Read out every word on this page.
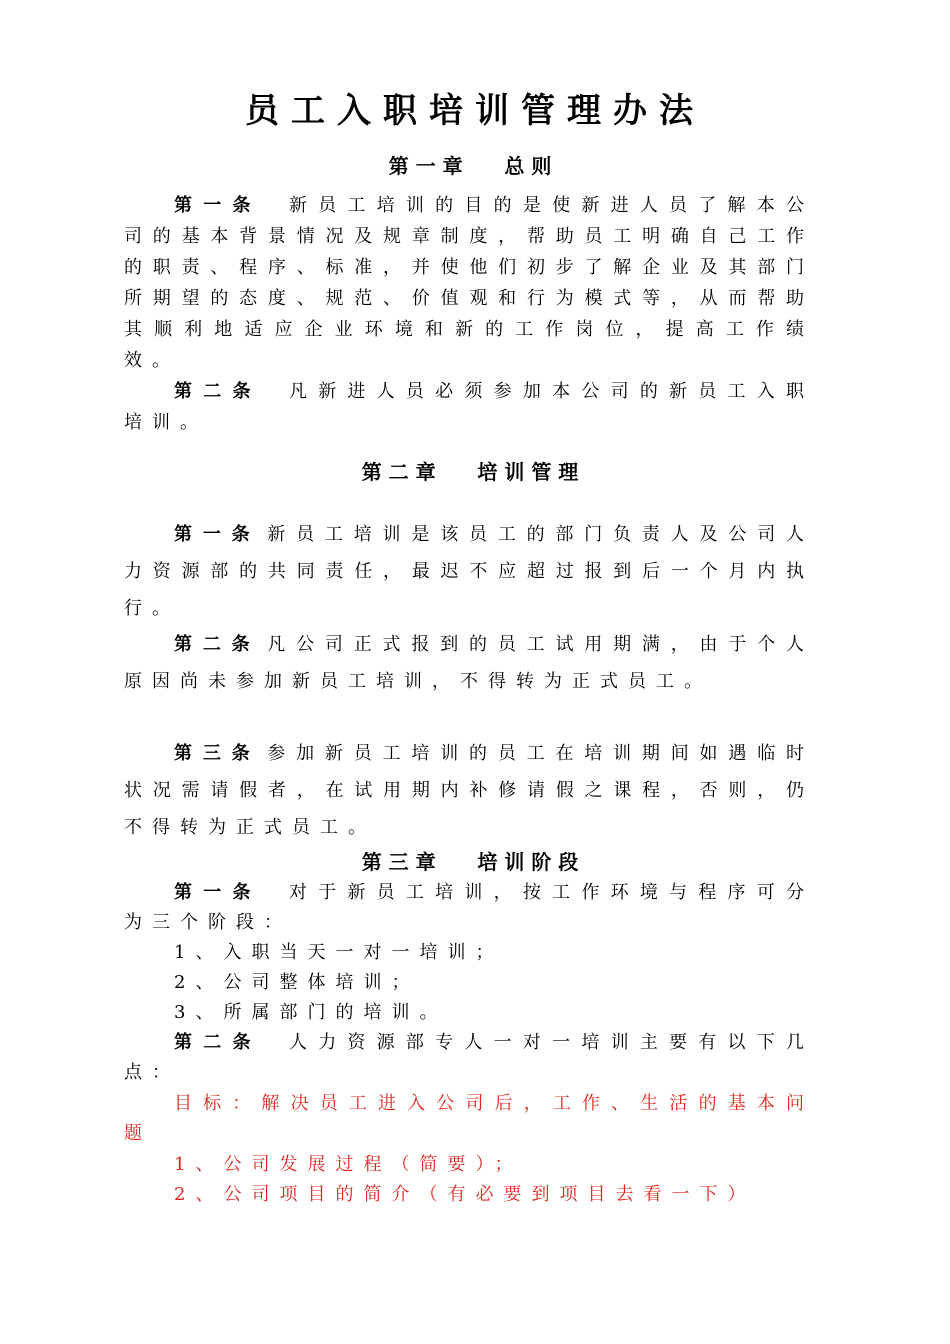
员工入职培训管理办法
第 一 章      总 则

第一条 新员工培训的目的是使新进人员了解本公司的基本背景情况及规章制度，帮助员工明确自己工作的职责、程序、标准，并使他们初步了解企业及其部门所期望的态度、规范、价值观和行为模式等，从而帮助其顺利地适应企业环境和新的工作岗位，提高工作绩效。

第二条 凡新进人员必须参加本公司的新员工入职培训。

第 二 章      培 训 管 理

第一条 新员工培训是该员工的部门负责人及公司人力资源部的共同责任，最迟不应超过报到后一个月内执行。

第二条 凡公司正式报到的员工试用期满，由于个人原因尚未参加新员工培训，不得转为正式员工。

第三条 参加新员工培训的员工在培训期间如遇临时状况需请假者，在试用期内补修请假之课程，否则，仍不得转为正式员工。

第 三 章      培 训 阶 段

第一条 对于新员工培训，按工作环境与程序可分为三个阶段：

1、入职当天一对一培训；

2、公司整体培训；

3、所属部门的培训。

第二条 人力资源部专人一对一培训主要有以下几点：

目标：解决员工进入公司后，工作、生活的基本问题

1、公司发展过程（简要）；

2、公司项目的简介（有必要到项目去看一下）
